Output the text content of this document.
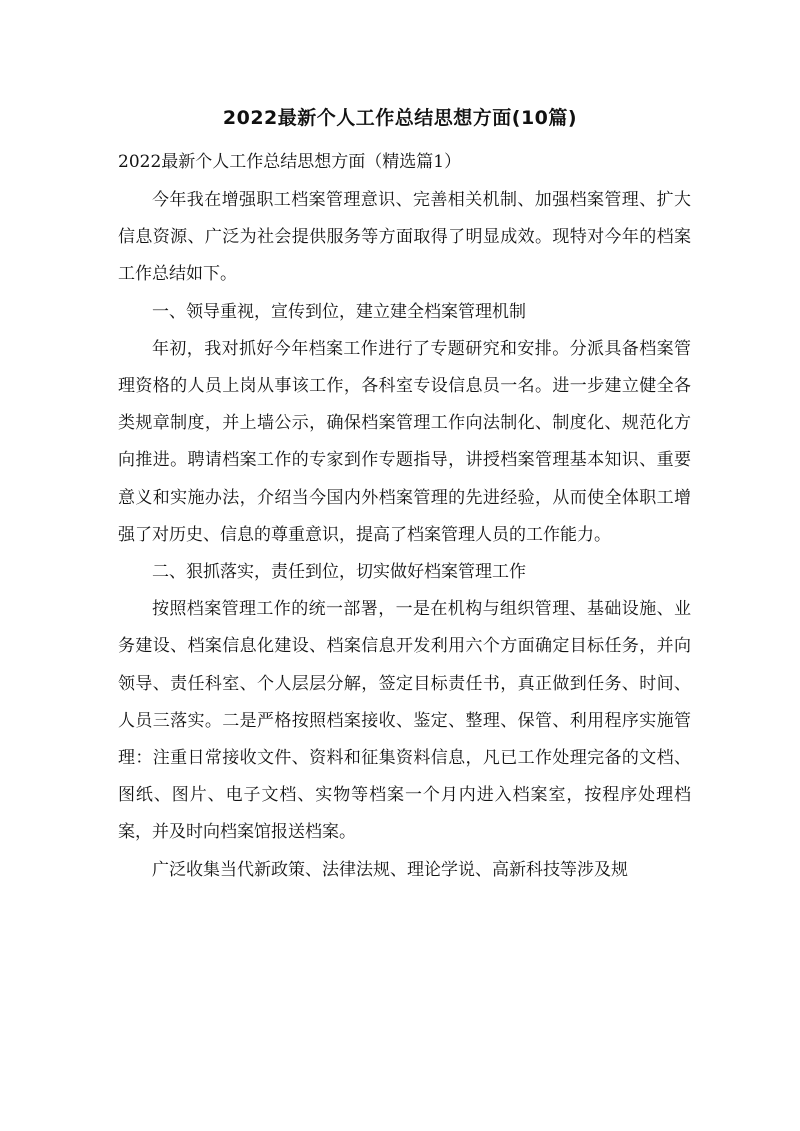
2022最新个人工作总结思想方面(10篇)
2022最新个人工作总结思想方面（精选篇1）

今年我在增强职工档案管理意识、完善相关机制、加强档案管理、扩大信息资源、广泛为社会提供服务等方面取得了明显成效。现特对今年的档案工作总结如下。

一、领导重视，宣传到位，建立建全档案管理机制

年初，我对抓好今年档案工作进行了专题研究和安排。分派具备档案管理资格的人员上岗从事该工作，各科室专设信息员一名。进一步建立健全各类规章制度，并上墙公示，确保档案管理工作向法制化、制度化、规范化方向推进。聘请档案工作的专家到作专题指导，讲授档案管理基本知识、重要意义和实施办法，介绍当今国内外档案管理的先进经验，从而使全体职工增强了对历史、信息的尊重意识，提高了档案管理人员的工作能力。

二、狠抓落实，责任到位，切实做好档案管理工作

按照档案管理工作的统一部署，一是在机构与组织管理、基础设施、业务建设、档案信息化建设、档案信息开发利用六个方面确定目标任务，并向领导、责任科室、个人层层分解，签定目标责任书，真正做到任务、时间、人员三落实。二是严格按照档案接收、鉴定、整理、保管、利用程序实施管理：注重日常接收文件、资料和征集资料信息，凡已工作处理完备的文档、图纸、图片、电子文档、实物等档案一个月内进入档案室，按程序处理档案，并及时向档案馆报送档案。

广泛收集当代新政策、法律法规、理论学说、高新科技等涉及规
